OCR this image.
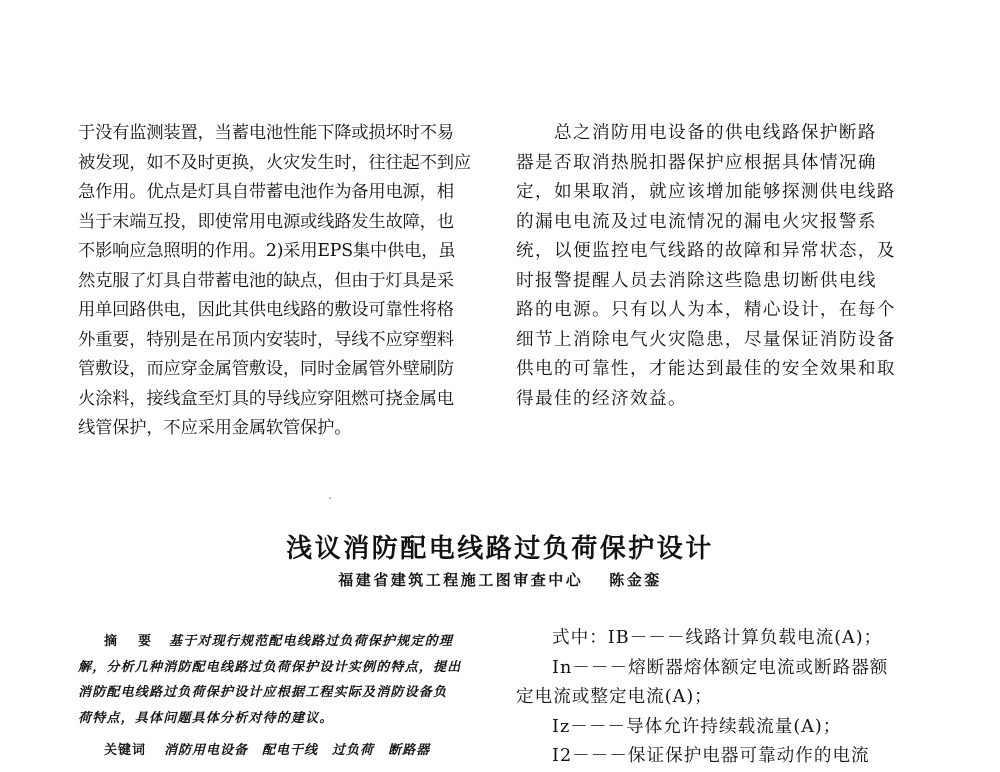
于没有监测装置，当蓄电池性能下降或损坏时不易
被发现，如不及时更换，火灾发生时，往往起不到应
急作用。优点是灯具自带蓄电池作为备用电源，相
当于末端互投，即使常用电源或线路发生故障，也
不影响应急照明的作用。2)采用EPS集中供电，虽
然克服了灯具自带蓄电池的缺点，但由于灯具是采
用单回路供电，因此其供电线路的敷设可靠性将格
外重要，特别是在吊顶内安装时，导线不应穿塑料
管敷设，而应穿金属管敷设，同时金属管外壁刷防
火涂料，接线盒至灯具的导线应穿阻燃可挠金属电
线管保护，不应采用金属软管保护。
　　总之消防用电设备的供电线路保护断路
器是否取消热脱扣器保护应根据具体情况确
定，如果取消，就应该增加能够探测供电线路
的漏电电流及过电流情况的漏电火灾报警系
统，以便监控电气线路的故障和异常状态，及
时报警提醒人员去消除这些隐患切断供电线
路的电源。只有以人为本，精心设计，在每个
细节上消除电气火灾隐患，尽量保证消防设备
供电的可靠性，才能达到最佳的安全效果和取
得最佳的经济效益。
浅议消防配电线路过负荷保护设计
福建省建筑工程施工图审查中心 陈金銮
摘　要 基于对现行规范配电线路过负荷保护规定的理
解，分析几种消防配电线路过负荷保护设计实例的特点，提出
消防配电线路过负荷保护设计应根据工程实际及消防设备负
荷特点，具体问题具体分析对待的建议。
关键词 消防用电设备 配电干线 过负荷 断路器
式中：IB－－－线路计算负载电流(A)；
In－－－熔断器熔体额定电流或断路器额
定电流或整定电流(A)；
Iz－－－导体允许持续载流量(A)；
I2－－－保证保护电器可靠动作的电流
